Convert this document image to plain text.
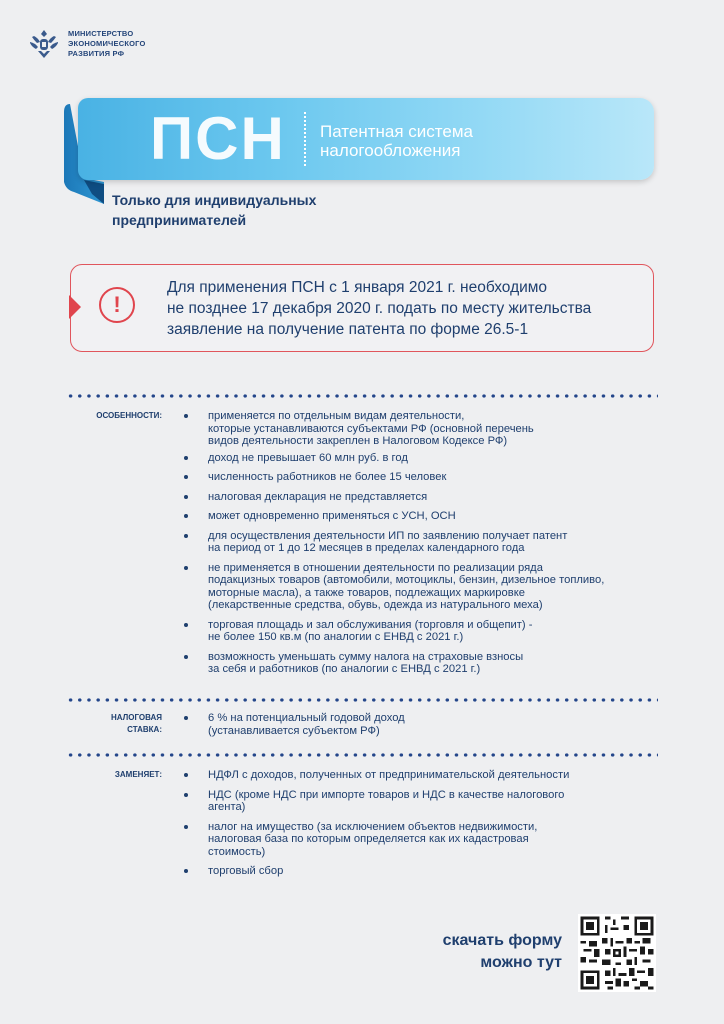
МИНИСТЕРСТВО
ЭКОНОМИЧЕСКОГО
РАЗВИТИЯ РФ
ПСН Патентная система
налогообложения
Только для индивидуальных
предпринимателей
!
Для применения ПСН с 1 января 2021 г. необходимо
не позднее 17 декабря 2020 г. подать по месту жительства
заявление на получение патента по форме 26.5-1
ОСОБЕННОСТИ:	применяется по отдельным видам деятельности,
которые устанавливаются субъектами РФ (основной перечень
видов деятельности закреплен в Налоговом Кодексе РФ)
доход не превышает 60 млн руб. в год
численность работников не более 15 человек
налоговая декларация не представляется
может одновременно применяться с УСН, ОСН
для осуществления деятельности ИП по заявлению получает патент
на период от 1 до 12 месяцев в пределах календарного года
не применяется в отношении деятельности по реализации ряда
подакцизных товаров (автомобили, мотоциклы, бензин, дизельное топливо,
моторные масла), а также товаров, подлежащих маркировке
(лекарственные средства, обувь, одежда из натурального меха)
торговая площадь и зал обслуживания (торговля и общепит) -
не более 150 кв.м (по аналогии с ЕНВД с 2021 г.)
возможность уменьшать сумму налога на страховые взносы
за себя и работников (по аналогии с ЕНВД с 2021 г.)
НАЛОГОВАЯ
СТАВКА:
6 % на потенциальный годовой доход
(устанавливается субъектом РФ)
ЗАМЕНЯЕТ:	НДФЛ с доходов, полученных от предпринимательской деятельности
НДС (кроме НДС при импорте товаров и НДС в качестве налогового
агента)
налог на имущество (за исключением объектов недвижимости,
налоговая база по которым определяется как их кадастровая
стоимость)
торговый сбор
скачать форму
можно тут
